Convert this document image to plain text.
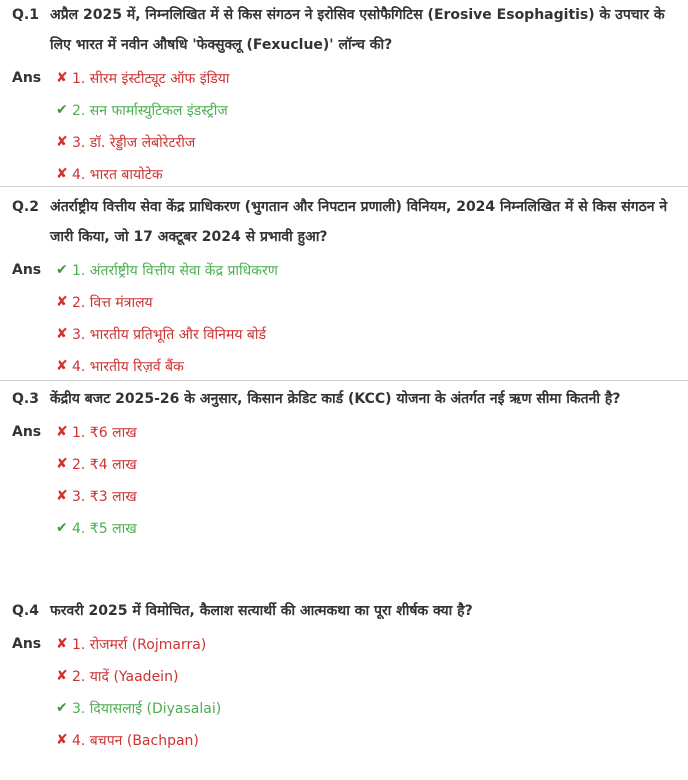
Q.1 अप्रैल 2025 में, निम्नलिखित में से किस संगठन ने इरोसिव एसोफैगिटिस (Erosive Esophagitis) के उपचार के लिए भारत में नवीन औषधि 'फेक्सुक्लू (Fexuclue)' लॉन्च की?
Ans ✘ 1. सीरम इंस्टीट्यूट ऑफ इंडिया
✔ 2. सन फार्मास्युटिकल इंडस्ट्रीज
✘ 3. डॉ. रेड्डीज लेबोरेटरीज
✘ 4. भारत बायोटेक
Q.2 अंतर्राष्ट्रीय वित्तीय सेवा केंद्र प्राधिकरण (भुगतान और निपटान प्रणाली) विनियम, 2024 निम्नलिखित में से किस संगठन ने जारी किया, जो 17 अक्टूबर 2024 से प्रभावी हुआ?
Ans ✔ 1. अंतर्राष्ट्रीय वित्तीय सेवा केंद्र प्राधिकरण
✘ 2. वित्त मंत्रालय
✘ 3. भारतीय प्रतिभूति और विनिमय बोर्ड
✘ 4. भारतीय रिज़र्व बैंक
Q.3 केंद्रीय बजट 2025-26 के अनुसार, किसान क्रेडिट कार्ड (KCC) योजना के अंतर्गत नई ऋण सीमा कितनी है?
Ans ✘ 1. ₹6 लाख
✘ 2. ₹4 लाख
✘ 3. ₹3 लाख
✔ 4. ₹5 लाख
Q.4 फरवरी 2025 में विमोचित, कैलाश सत्यार्थी की आत्मकथा का पूरा शीर्षक क्या है?
Ans ✘ 1. रोजमर्रा (Rojmarra)
✘ 2. यादें (Yaadein)
✔ 3. दियासलाई (Diyasalai)
✘ 4. बचपन (Bachpan)
